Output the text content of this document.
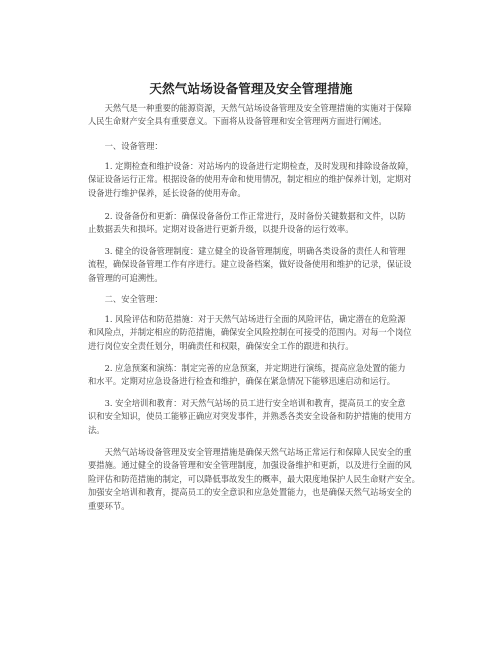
天然气站场设备管理及安全管理措施
　　天然气是一种重要的能源资源，天然气站场设备管理及安全管理措施的实施对于保障
人民生命财产安全具有重要意义。下面将从设备管理和安全管理两方面进行阐述。
　　一、设备管理：
　　1. 定期检查和维护设备：对站场内的设备进行定期检查，及时发现和排除设备故障，
保证设备运行正常。根据设备的使用寿命和使用情况，制定相应的维护保养计划，定期对
设备进行维护保养，延长设备的使用寿命。
　　2. 设备备份和更新：确保设备备份工作正常进行，及时备份关键数据和文件，以防
止数据丢失和损坏。定期对设备进行更新升级，以提升设备的运行效率。
　　3. 健全的设备管理制度：建立健全的设备管理制度，明确各类设备的责任人和管理
流程，确保设备管理工作有序进行。建立设备档案，做好设备使用和维护的记录，保证设
备管理的可追溯性。
　　二、安全管理：
　　1. 风险评估和防范措施：对于天然气站场进行全面的风险评估，确定潜在的危险源
和风险点，并制定相应的防范措施，确保安全风险控制在可接受的范围内。对每一个岗位
进行岗位安全责任划分，明确责任和权限，确保安全工作的跟进和执行。
　　2. 应急预案和演练：制定完善的应急预案，并定期进行演练，提高应急处置的能力
和水平。定期对应急设备进行检查和维护，确保在紧急情况下能够迅速启动和运行。
　　3. 安全培训和教育：对天然气站场的员工进行安全培训和教育，提高员工的安全意
识和安全知识，使员工能够正确应对突发事件，并熟悉各类安全设备和防护措施的使用方
法。
　　天然气站场设备管理及安全管理措施是确保天然气站场正常运行和保障人民安全的重
要措施。通过健全的设备管理和安全管理制度，加强设备维护和更新，以及进行全面的风
险评估和防范措施的制定，可以降低事故发生的概率，最大限度地保护人民生命财产安全。
加强安全培训和教育，提高员工的安全意识和应急处置能力，也是确保天然气站场安全的
重要环节。
